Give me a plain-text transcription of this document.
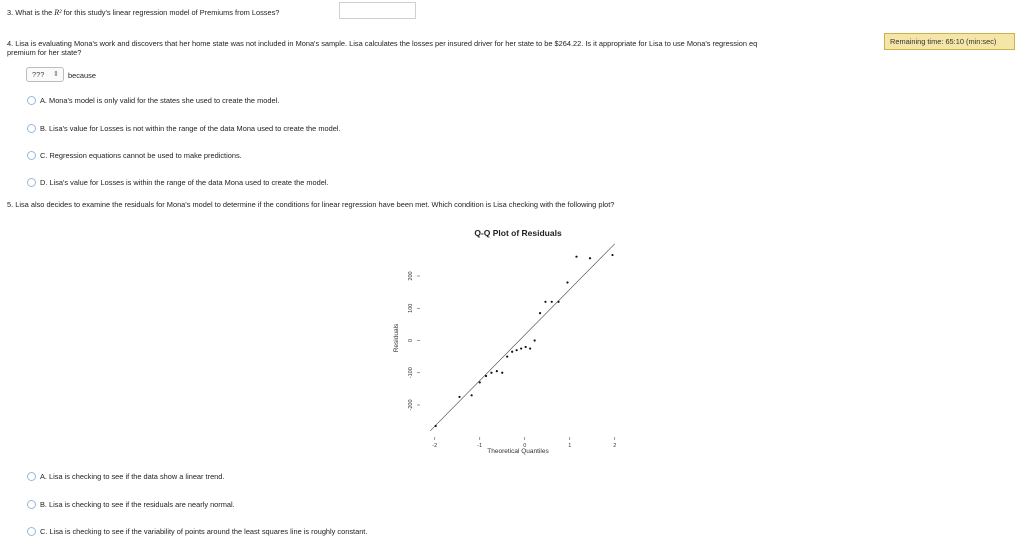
3. What is the R² for this study's linear regression model of Premiums from Losses?
4. Lisa is evaluating Mona's work and discovers that her home state was not included in Mona's sample. Lisa calculates the losses per insured driver for her state to be $264.22. Is it appropriate for Lisa to use Mona's regression eq
premium for her state?
Remaining time: 65:10 (min:sec)
??? ⇕ because
A. Mona's model is only valid for the states she used to create the model.
B. Lisa's value for Losses is not within the range of the data Mona used to create the model.
C. Regression equations cannot be used to make predictions.
D. Lisa's value for Losses is within the range of the data Mona used to create the model.
5. Lisa also decides to examine the residuals for Mona's model to determine if the conditions for linear regression have been met. Which condition is Lisa checking with the following plot?
Q-Q Plot of Residuals
-2	-1	0	1	2
-200
-100
0
100
200
Theoretical Quantiles
Residuals
A. Lisa is checking to see if the data show a linear trend.
B. Lisa is checking to see if the residuals are nearly normal.
C. Lisa is checking to see if the variability of points around the least squares line is roughly constant.
